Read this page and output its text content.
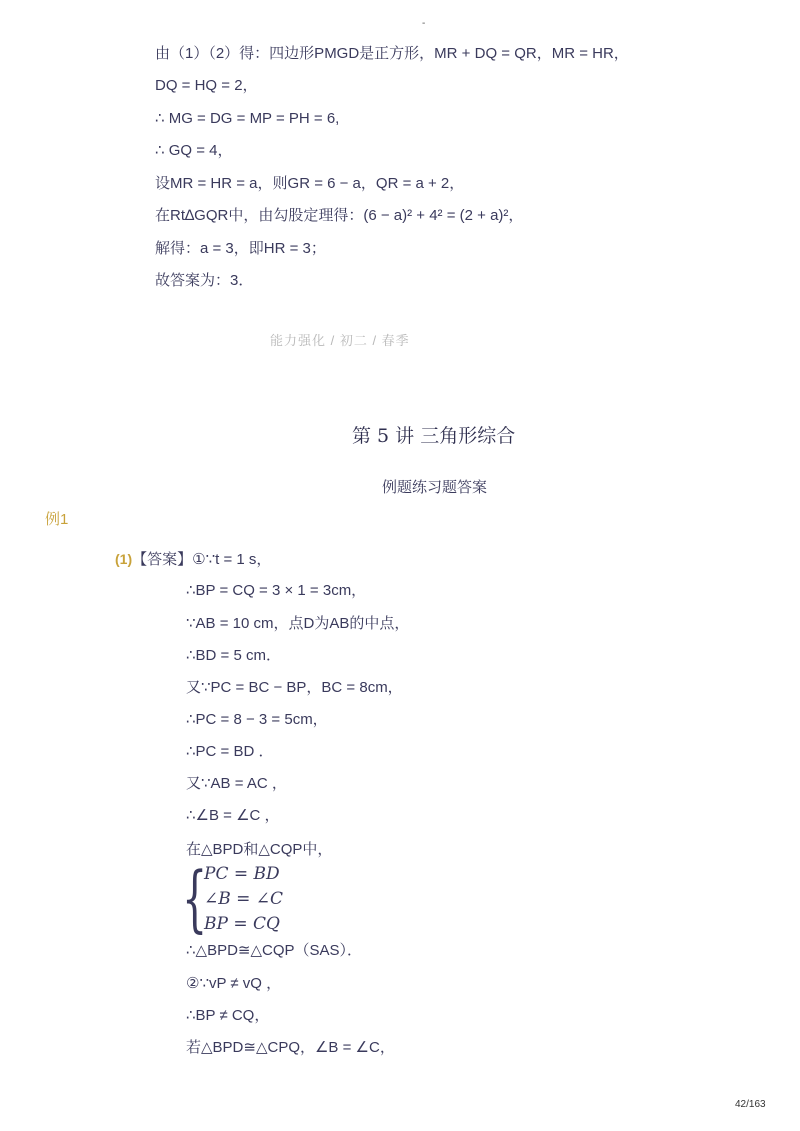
-
由（1）（2）得：四边形PMGD是正方形，MR + DQ = QR，MR = HR，
DQ = HQ = 2，
∴ MG = DG = MP = PH = 6,
∴ GQ = 4，
设MR = HR = a，则GR = 6 − a，QR = a + 2，
在Rt∆GQR中，由勾股定理得：(6 − a)² + 4² = (2 + a)²，
解得：a = 3，即HR = 3；
故答案为：3．
能力强化 / 初二 / 春季
第 5 讲 三角形综合
例题练习题答案
例1
(1)【答案】①∵t = 1 s，
∴BP = CQ = 3 × 1 = 3cm，
∵AB = 10 cm，点D为AB的中点，
∴BD = 5 cm．
又∵PC = BC − BP，BC = 8cm，
∴PC = 8 − 3 = 5cm，
∴PC = BD ．
又∵AB = AC ，
∴∠B = ∠C ，
在△BPD和△CQP中，
{
PC = BD
∠B = ∠C
BP = CQ
∴△BPD≅△CQP（SAS）．
②∵vP ≠ vQ ，
∴BP ≠ CQ，
若△BPD≅△CPQ，∠B = ∠C，
42/163
